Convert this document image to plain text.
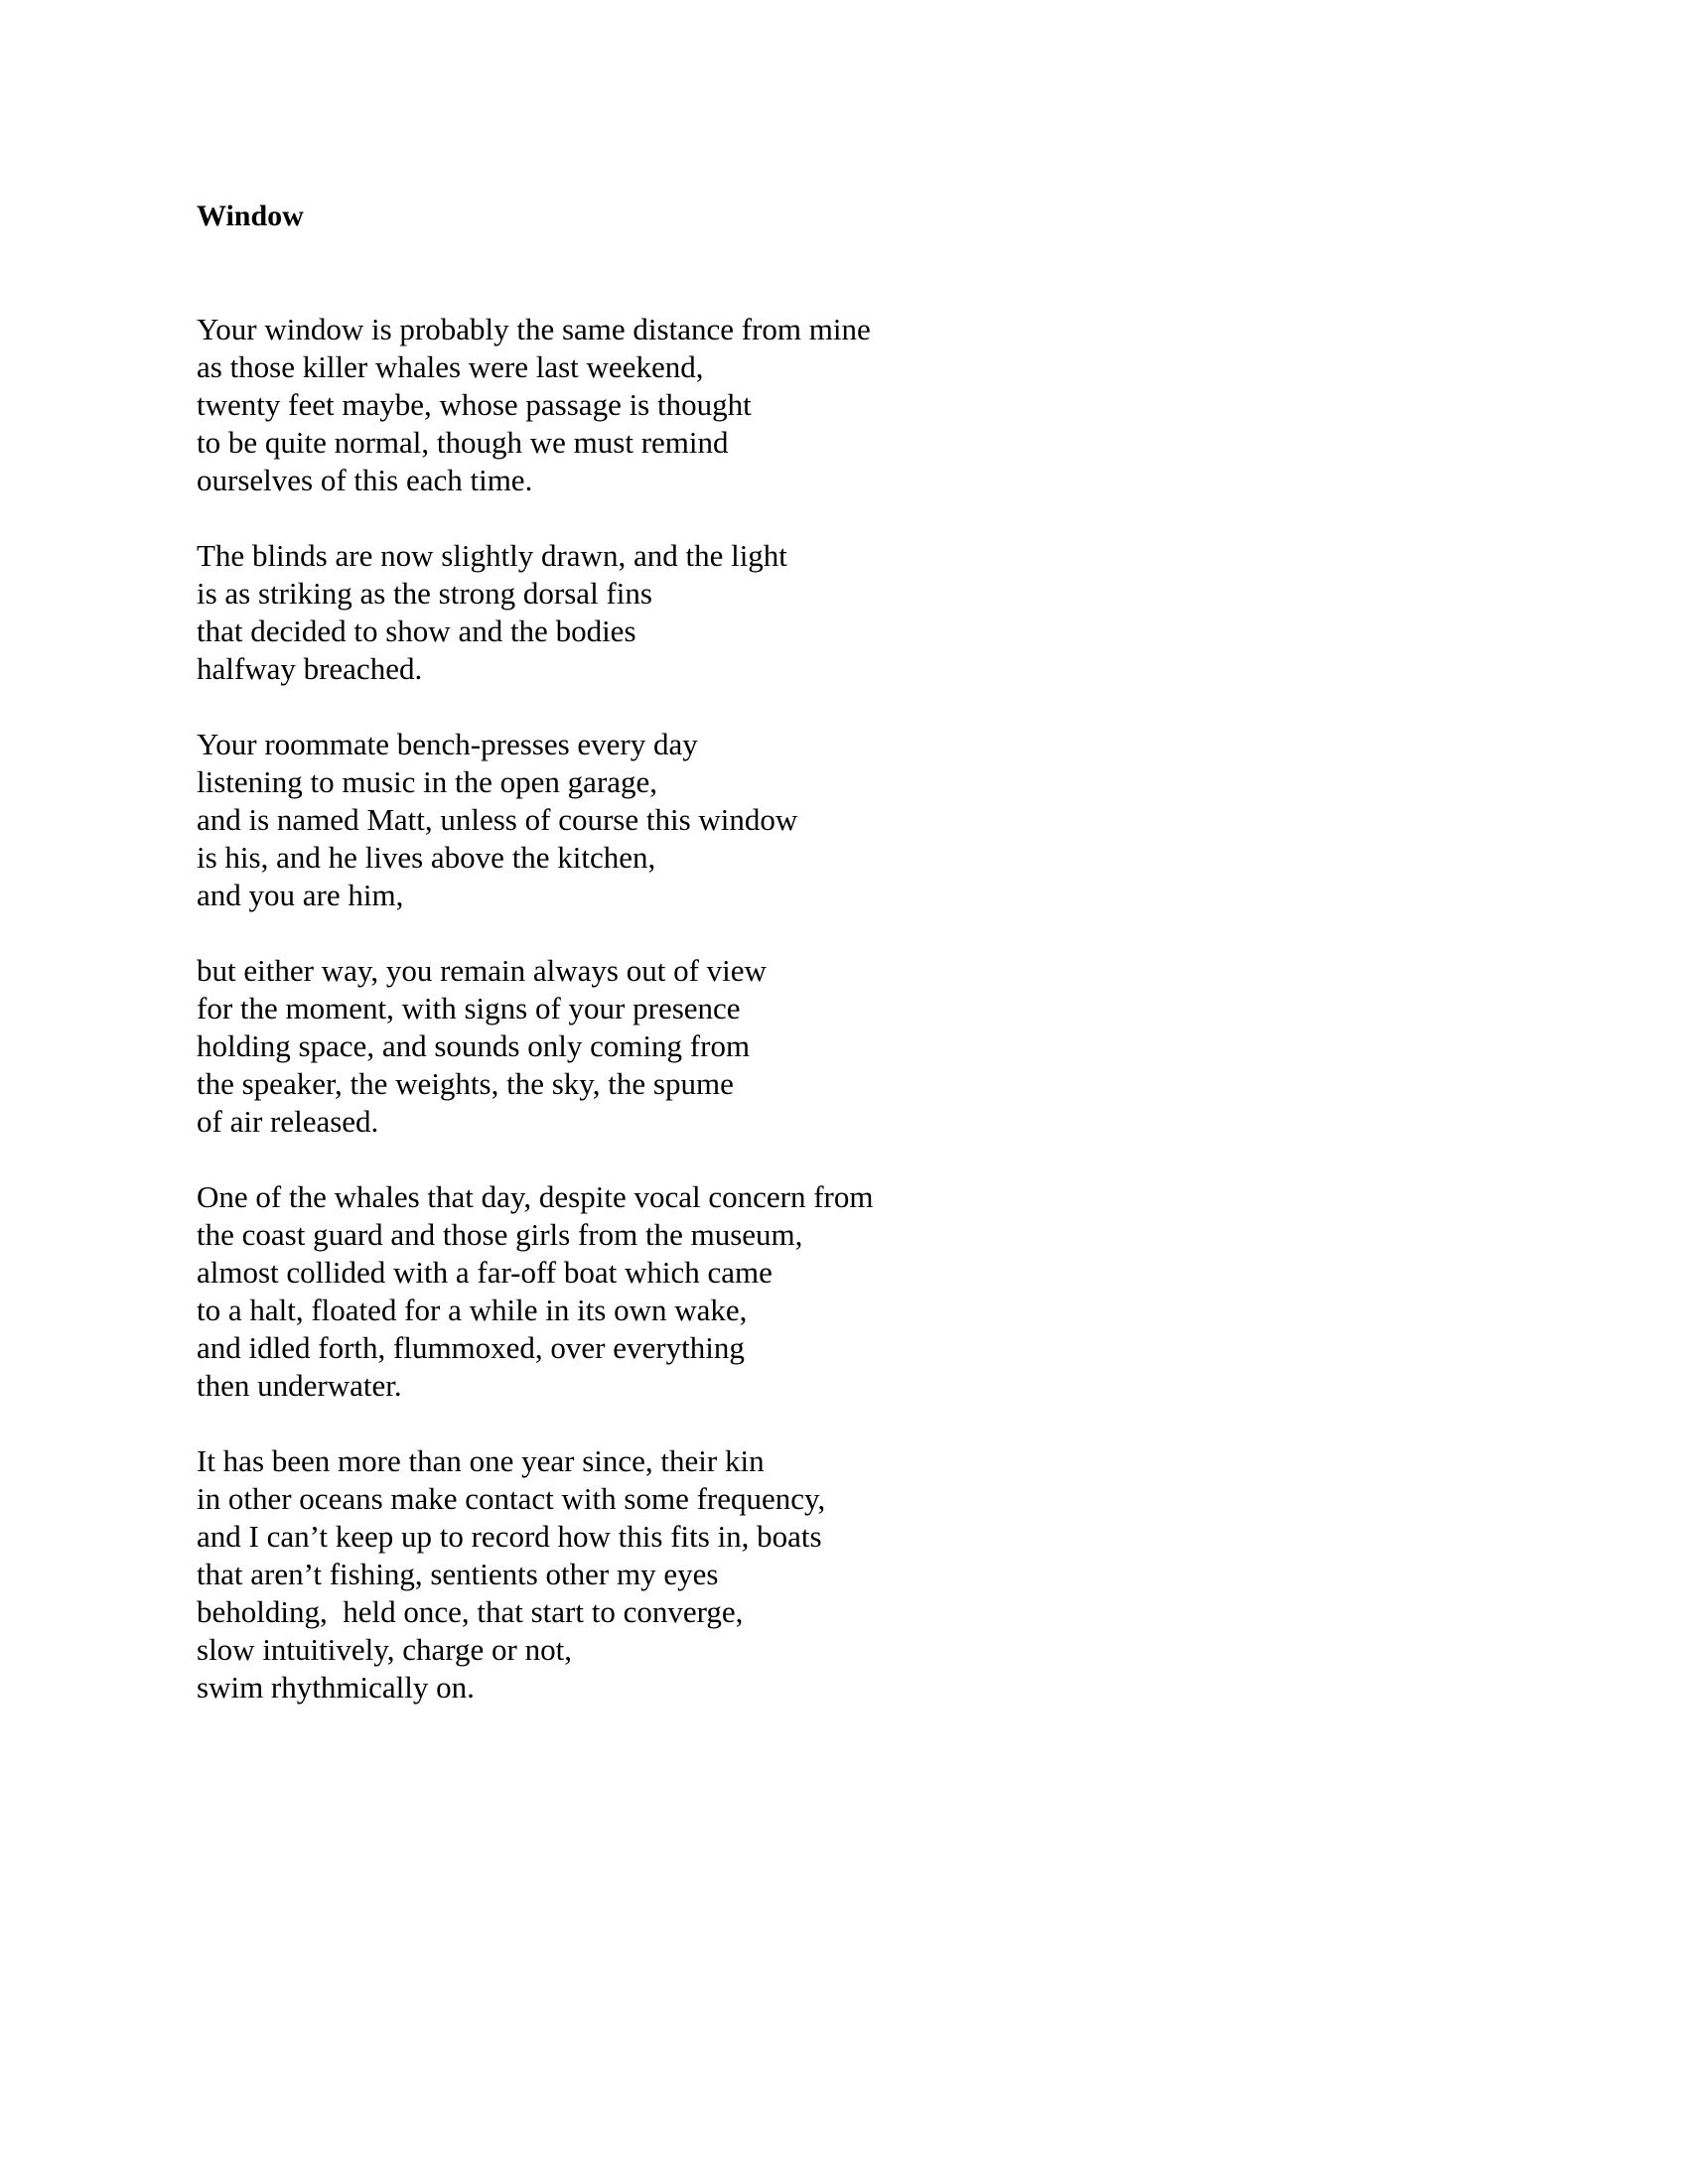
Window
Your window is probably the same distance from mine
as those killer whales were last weekend,
twenty feet maybe, whose passage is thought
to be quite normal, though we must remind
ourselves of this each time.
The blinds are now slightly drawn, and the light
is as striking as the strong dorsal fins
that decided to show and the bodies
halfway breached.
Your roommate bench-presses every day
listening to music in the open garage,
and is named Matt, unless of course this window
is his, and he lives above the kitchen,
and you are him,
but either way, you remain always out of view
for the moment, with signs of your presence
holding space, and sounds only coming from
the speaker, the weights, the sky, the spume
of air released.
One of the whales that day, despite vocal concern from
the coast guard and those girls from the museum,
almost collided with a far-off boat which came
to a halt, floated for a while in its own wake,
and idled forth, flummoxed, over everything
then underwater.
It has been more than one year since, their kin
in other oceans make contact with some frequency,
and I can’t keep up to record how this fits in, boats
that aren’t fishing, sentients other my eyes
beholding,  held once, that start to converge,
slow intuitively, charge or not,
swim rhythmically on.
